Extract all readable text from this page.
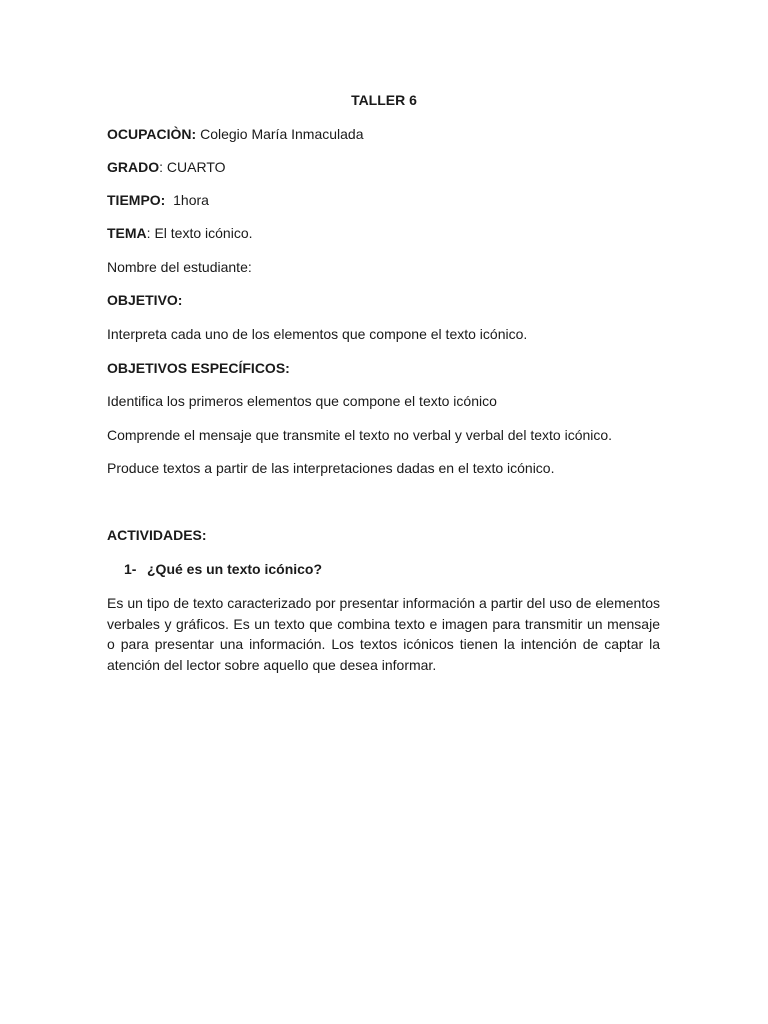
TALLER 6
OCUPACIÒN: Colegio María Inmaculada
GRADO: CUARTO
TIEMPO:  1hora
TEMA: El texto icónico.
Nombre del estudiante:
OBJETIVO:
Interpreta cada uno de los elementos que compone el texto icónico.
OBJETIVOS ESPECÍFICOS:
Identifica los primeros elementos que compone el texto icónico
Comprende el mensaje que transmite el texto no verbal y verbal del texto icónico.
Produce textos a partir de las interpretaciones dadas en el texto icónico.
ACTIVIDADES:
1- ¿Qué es un texto icónico?
Es un tipo de texto caracterizado por presentar información a partir del uso de elementos verbales y gráficos. Es un texto que combina texto e imagen para transmitir un mensaje o para presentar una información. Los textos icónicos tienen la intención de captar la atención del lector sobre aquello que desea informar.
